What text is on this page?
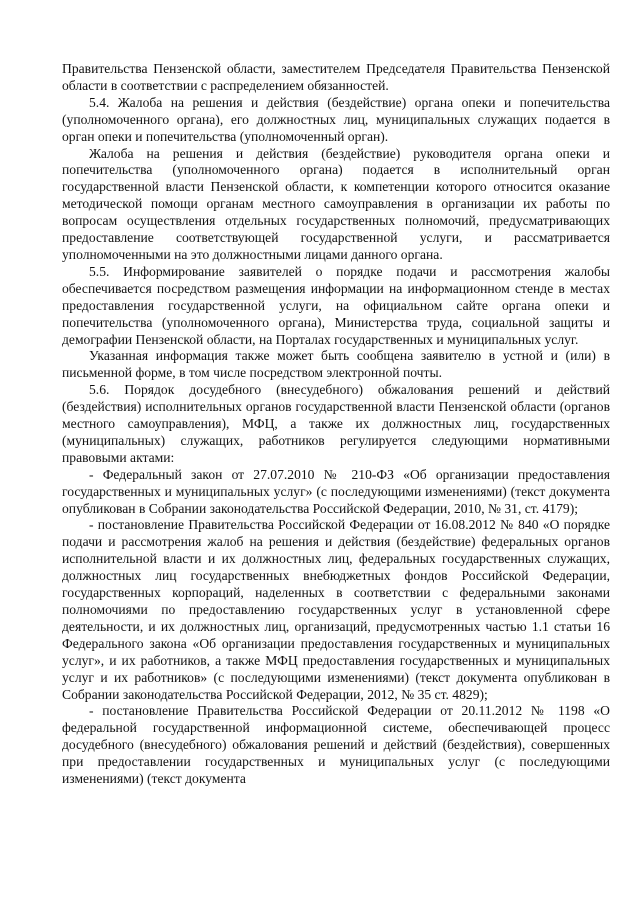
Правительства Пензенской области, заместителем Председателя Правительства Пензенской области в соответствии с распределением обязанностей.

5.4. Жалоба на решения и действия (бездействие) органа опеки и попечительства (уполномоченного органа), его должностных лиц, муниципальных служащих подается в орган опеки и попечительства (уполномоченный орган).

Жалоба на решения и действия (бездействие) руководителя органа опеки и попечительства (уполномоченного органа) подается в исполнительный орган государственной власти Пензенской области, к компетенции которого относится оказание методической помощи органам местного самоуправления в организации их работы по вопросам осуществления отдельных государственных полномочий, предусматривающих предоставление соответствующей государственной услуги, и рассматривается уполномоченными на это должностными лицами данного органа.

5.5. Информирование заявителей о порядке подачи и рассмотрения жалобы обеспечивается посредством размещения информации на информационном стенде в местах предоставления государственной услуги, на официальном сайте органа опеки и попечительства (уполномоченного органа), Министерства труда, социальной защиты и демографии Пензенской области, на Порталах государственных и муниципальных услуг.

Указанная информация также может быть сообщена заявителю в устной и (или) в письменной форме, в том числе посредством электронной почты.

5.6. Порядок досудебного (внесудебного) обжалования решений и действий (бездействия) исполнительных органов государственной власти Пензенской области (органов местного самоуправления), МФЦ, а также их должностных лиц, государственных (муниципальных) служащих, работников регулируется следующими нормативными правовыми актами:

- Федеральный закон от 27.07.2010 № 210-ФЗ «Об организации предоставления государственных и муниципальных услуг» (с последующими изменениями) (текст документа опубликован в Собрании законодательства Российской Федерации, 2010, № 31, ст. 4179);

- постановление Правительства Российской Федерации от 16.08.2012 № 840 «О порядке подачи и рассмотрения жалоб на решения и действия (бездействие) федеральных органов исполнительной власти и их должностных лиц, федеральных государственных служащих, должностных лиц государственных внебюджетных фондов Российской Федерации, государственных корпораций, наделенных в соответствии с федеральными законами полномочиями по предоставлению государственных услуг в установленной сфере деятельности, и их должностных лиц, организаций, предусмотренных частью 1.1 статьи 16 Федерального закона «Об организации предоставления государственных и муниципальных услуг», и их работников, а также МФЦ предоставления государственных и муниципальных услуг и их работников» (с последующими изменениями) (текст документа опубликован в Собрании законодательства Российской Федерации, 2012, № 35 ст. 4829);

- постановление Правительства Российской Федерации от 20.11.2012 № 1198 «О федеральной государственной информационной системе, обеспечивающей процесс досудебного (внесудебного) обжалования решений и действий (бездействия), совершенных при предоставлении государственных и муниципальных услуг (с последующими изменениями) (текст документа
